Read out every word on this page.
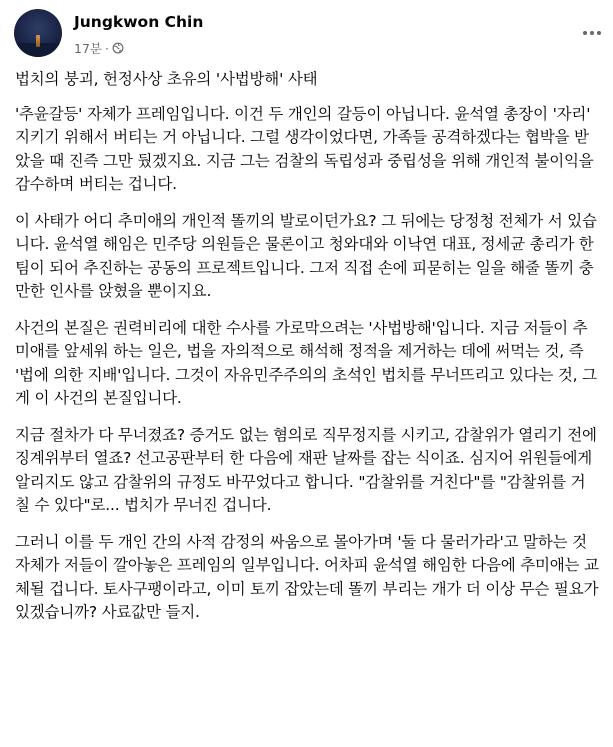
Jungkwon Chin
17분 ·

법치의 붕괴, 헌정사상 초유의 '사법방해' 사태

'추윤갈등' 자체가 프레임입니다. 이건 두 개인의 갈등이 아닙니다. 윤석열 총장이 '자리' 지키기 위해서 버티는 거 아닙니다. 그럴 생각이었다면, 가족들 공격하겠다는 협박을 받았을 때 진즉 그만 뒀겠지요. 지금 그는 검찰의 독립성과 중립성을 위해 개인적 불이익을 감수하며 버티는 겁니다.

이 사태가 어디 추미애의 개인적 똘끼의 발로이던가요? 그 뒤에는 당정청 전체가 서 있습니다. 윤석열 해임은 민주당 의원들은 물론이고 청와대와 이낙연 대표, 정세균 총리가 한 팀이 되어 추진하는 공동의 프로젝트입니다. 그저 직접 손에 피묻히는 일을 해줄 똘끼 충만한 인사를 앉혔을 뿐이지요.

사건의 본질은 권력비리에 대한 수사를 가로막으려는 '사법방해'입니다. 지금 저들이 추미애를 앞세워 하는 일은, 법을 자의적으로 해석해 정적을 제거하는 데에 써먹는 것, 즉 '법에 의한 지배'입니다. 그것이 자유민주주의의 초석인 법치를 무너뜨리고 있다는 것, 그게 이 사건의 본질입니다.

지금 절차가 다 무너졌죠? 증거도 없는 혐의로 직무정지를 시키고, 감찰위가 열리기 전에 징계위부터 열죠? 선고공판부터 한 다음에 재판 날짜를 잡는 식이죠. 심지어 위원들에게 알리지도 않고 감찰위의 규정도 바꾸었다고 합니다. "감찰위를 거친다"를 "감찰위를 거칠 수 있다"로... 법치가 무너진 겁니다.

그러니 이를 두 개인 간의 사적 감정의 싸움으로 몰아가며 '둘 다 물러가라'고 말하는 것 자체가 저들이 깔아놓은 프레임의 일부입니다. 어차피 윤석열 해임한 다음에 추미애는 교체될 겁니다. 토사구팽이라고, 이미 토끼 잡았는데 똘끼 부리는 개가 더 이상 무슨 필요가 있겠습니까? 사료값만 들지.
